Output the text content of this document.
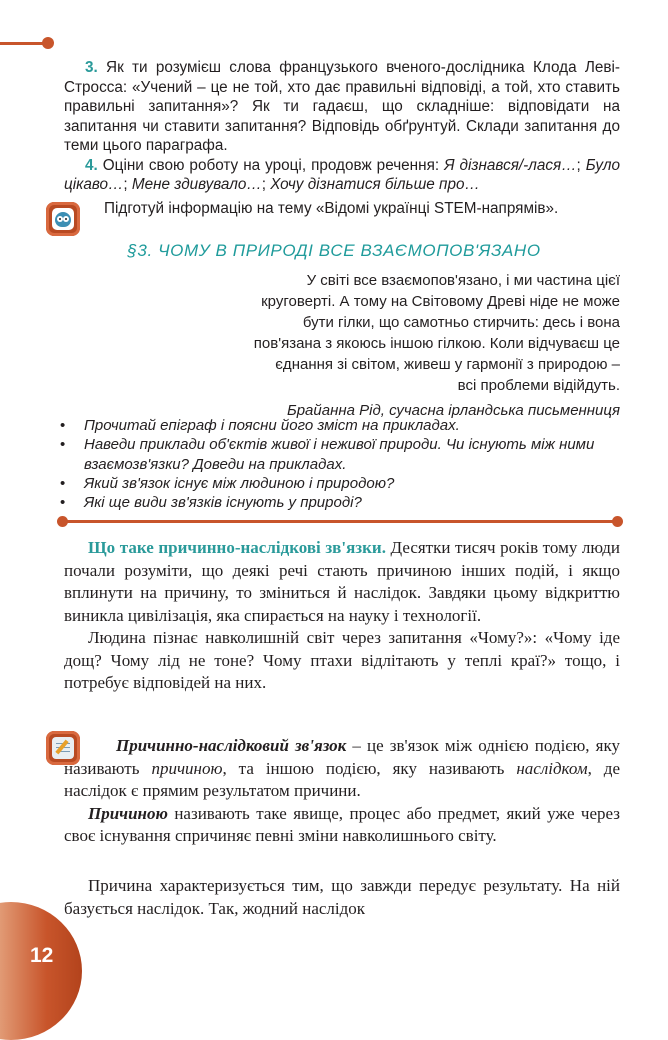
3. Як ти розумієш слова французького вченого-дослідника Клода Леві-Стросса: «Учений – це не той, хто дає правильні відповіді, а той, хто ставить правильні запитання»? Як ти гадаєш, що складніше: відповідати на запитання чи ставити запитання? Відповідь обґрунтуй. Склади запитання до теми цього параграфа.

4. Оціни свою роботу на уроці, продовж речення: Я дізнався/-лася…; Було цікаво…; Мене здивувало…; Хочу дізнатися більше про…

Підготуй інформацію на тему «Відомі українці STEM-напрямів».
§3. ЧОМУ В ПРИРОДІ ВСЕ ВЗАЄМОПОВ'ЯЗАНО

У світі все взаємопов'язано, і ми частина цієї

круговерті. А тому на Світовому Древі ніде не може

бути гілки, що самотньо стирчить: десь і вона

пов'язана з якоюсь іншою гілкою. Коли відчуваєш це

єднання зі світом, живеш у гармонії з природою –

всі проблеми відійдуть.

Брайанна Рід, сучасна ірландська письменниця

• Прочитай епіграф і поясни його зміст на прикладах.
• Наведи приклади об'єктів живої і неживої природи. Чи існують між ними взаємозв'язки? Доведи на прикладах.
• Який зв'язок існує між людиною і природою?
• Які ще види зв'язків існують у природі?

Що таке причинно-наслідкові зв'язки. Десятки тисяч років тому люди почали розуміти, що деякі речі стають причиною інших подій, і якщо вплинути на причину, то зміниться й наслідок. Завдяки цьому відкриттю виникла цивілізація, яка спирається на науку і технології.

Людина пізнає навколишній світ через запитання «Чому?»: «Чому іде дощ? Чому лід не тоне? Чому птахи відлітають у теплі краї?» тощо, і потребує відповідей на них.

Причинно-наслідковий зв'язок – це зв'язок між однією подією, яку називають причиною, та іншою подією, яку називають наслідком, де наслідок є прямим результатом причини.

Причиною називають таке явище, процес або предмет, який уже через своє існування спричиняє певні зміни навколишнього світу.

Причина характеризується тим, що завжди передує результату. На ній базується наслідок. Так, жодний наслідок

12
